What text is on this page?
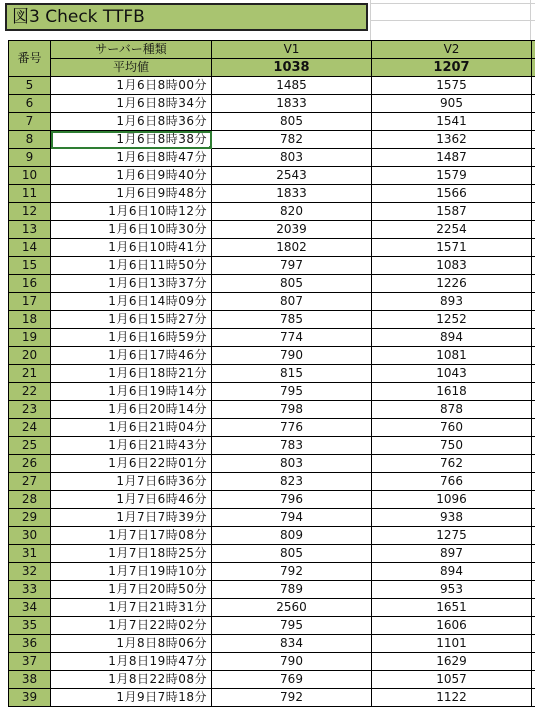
図3 Check TTFB
番号	サーバー種類	V1	V2	
	平均値	1038	1207	
5	1月6日8時00分	1485	1575	
6	1月6日8時34分	1833	905	
7	1月6日8時36分	805	1541	
8	1月6日8時38分	782	1362	
9	1月6日8時47分	803	1487	
10	1月6日9時40分	2543	1579	
11	1月6日9時48分	1833	1566	
12	1月6日10時12分	820	1587	
13	1月6日10時30分	2039	2254	
14	1月6日10時41分	1802	1571	
15	1月6日11時50分	797	1083	
16	1月6日13時37分	805	1226	
17	1月6日14時09分	807	893	
18	1月6日15時27分	785	1252	
19	1月6日16時59分	774	894	
20	1月6日17時46分	790	1081	
21	1月6日18時21分	815	1043	
22	1月6日19時14分	795	1618	
23	1月6日20時14分	798	878	
24	1月6日21時04分	776	760	
25	1月6日21時43分	783	750	
26	1月6日22時01分	803	762	
27	1月7日6時36分	823	766	
28	1月7日6時46分	796	1096	
29	1月7日7時39分	794	938	
30	1月7日17時08分	809	1275	
31	1月7日18時25分	805	897	
32	1月7日19時10分	792	894	
33	1月7日20時50分	789	953	
34	1月7日21時31分	2560	1651	
35	1月7日22時02分	795	1606	
36	1月8日8時06分	834	1101	
37	1月8日19時47分	790	1629	
38	1月8日22時08分	769	1057	
39	1月9日7時18分	792	1122	
